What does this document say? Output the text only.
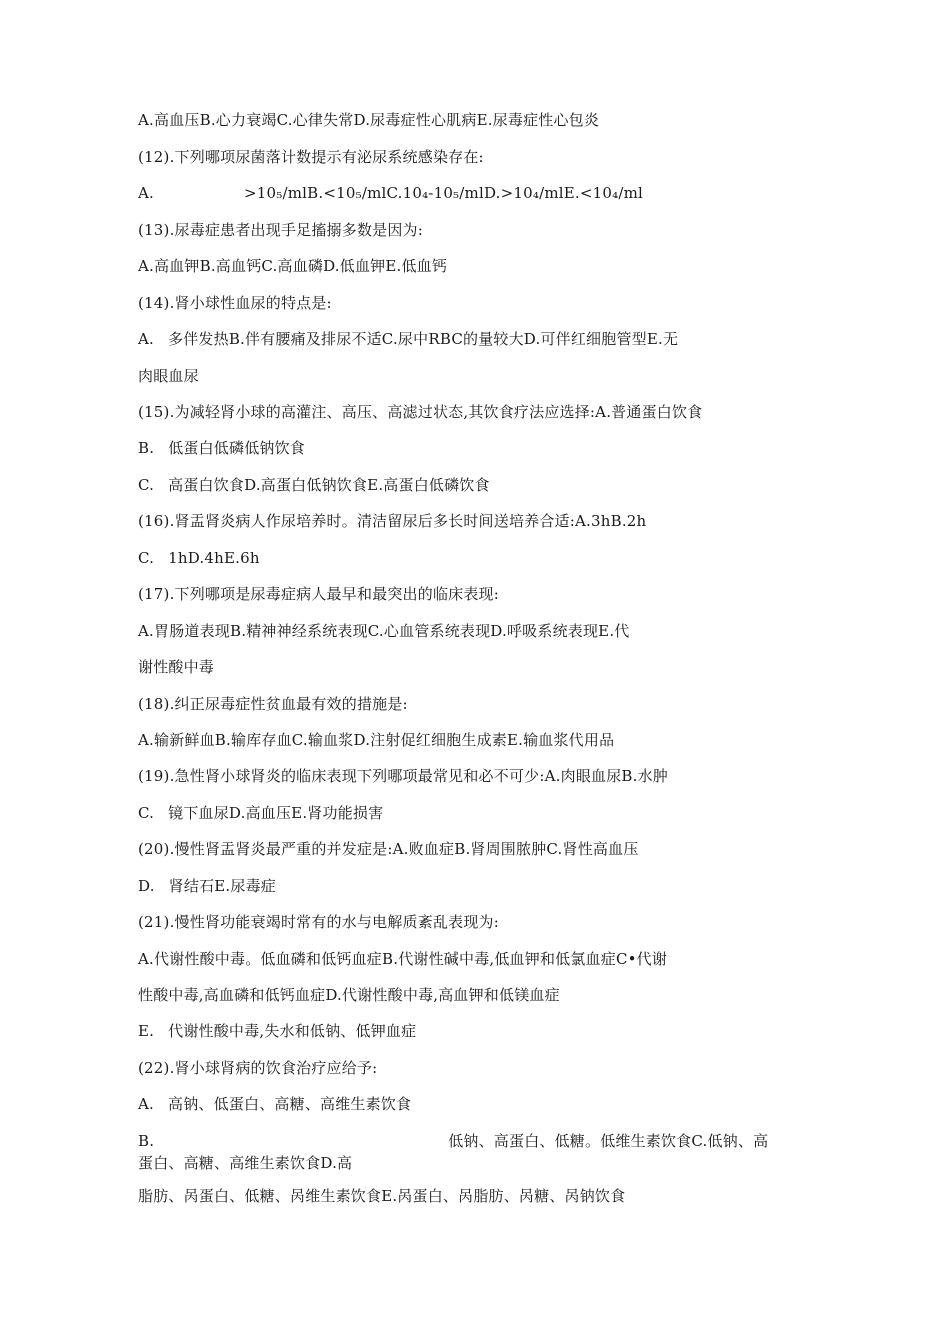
A.高血压B.心力衰竭C.心律失常D.尿毒症性心肌病E.尿毒症性心包炎
(12).下列哪项尿菌落计数提示有泌尿系统感染存在:
A.	>10₅/mlB.<10₅/mlC.10₄-10₅/mlD.>10₄/mlE.<10₄/ml
(13).尿毒症患者出现手足搐搦多数是因为:
A.高血钾B.高血钙C.高血磷D.低血钾E.低血钙
(14).肾小球性血尿的特点是:
A. 多伴发热B.伴有腰痛及排尿不适C.尿中RBC的量较大D.可伴红细胞管型E.无
肉眼血尿
(15).为减轻肾小球的高灌注、高压、高滤过状态,其饮食疗法应选择:A.普通蛋白饮食
B. 低蛋白低磷低钠饮食
C. 高蛋白饮食D.高蛋白低钠饮食E.高蛋白低磷饮食
(16).肾盂肾炎病人作尿培养时。清洁留尿后多长时间送培养合适:A.3hB.2h
C. 1hD.4hE.6h
(17).下列哪项是尿毒症病人最早和最突出的临床表现:
A.胃肠道表现B.精神神经系统表现C.心血管系统表现D.呼吸系统表现E.代
谢性酸中毒
(18).纠正尿毒症性贫血最有效的措施是:
A.输新鲜血B.输库存血C.输血浆D.注射促红细胞生成素E.输血浆代用品
(19).急性肾小球肾炎的临床表现下列哪项最常见和必不可少:A.肉眼血尿B.水肿
C. 镜下血尿D.高血压E.肾功能损害
(20).慢性肾盂肾炎最严重的并发症是:A.败血症B.肾周围脓肿C.肾性高血压
D. 肾结石E.尿毒症
(21).慢性肾功能衰竭时常有的水与电解质紊乱表现为:
A.代谢性酸中毒。低血磷和低钙血症B.代谢性碱中毒,低血钾和低氯血症C•代谢
性酸中毒,高血磷和低钙血症D.代谢性酸中毒,高血钾和低镁血症
E. 代谢性酸中毒,失水和低钠、低钾血症
(22).肾小球肾病的饮食治疗应给予:
A. 高钠、低蛋白、高糖、高维生素饮食
B.	低钠、高蛋白、低糖。低维生素饮食C.低钠、高
蛋白、高糖、高维生素饮食D.高
脂肪、呙蛋白、低糖、呙维生素饮食E.呙蛋白、呙脂肪、呙糖、呙钠饮食
